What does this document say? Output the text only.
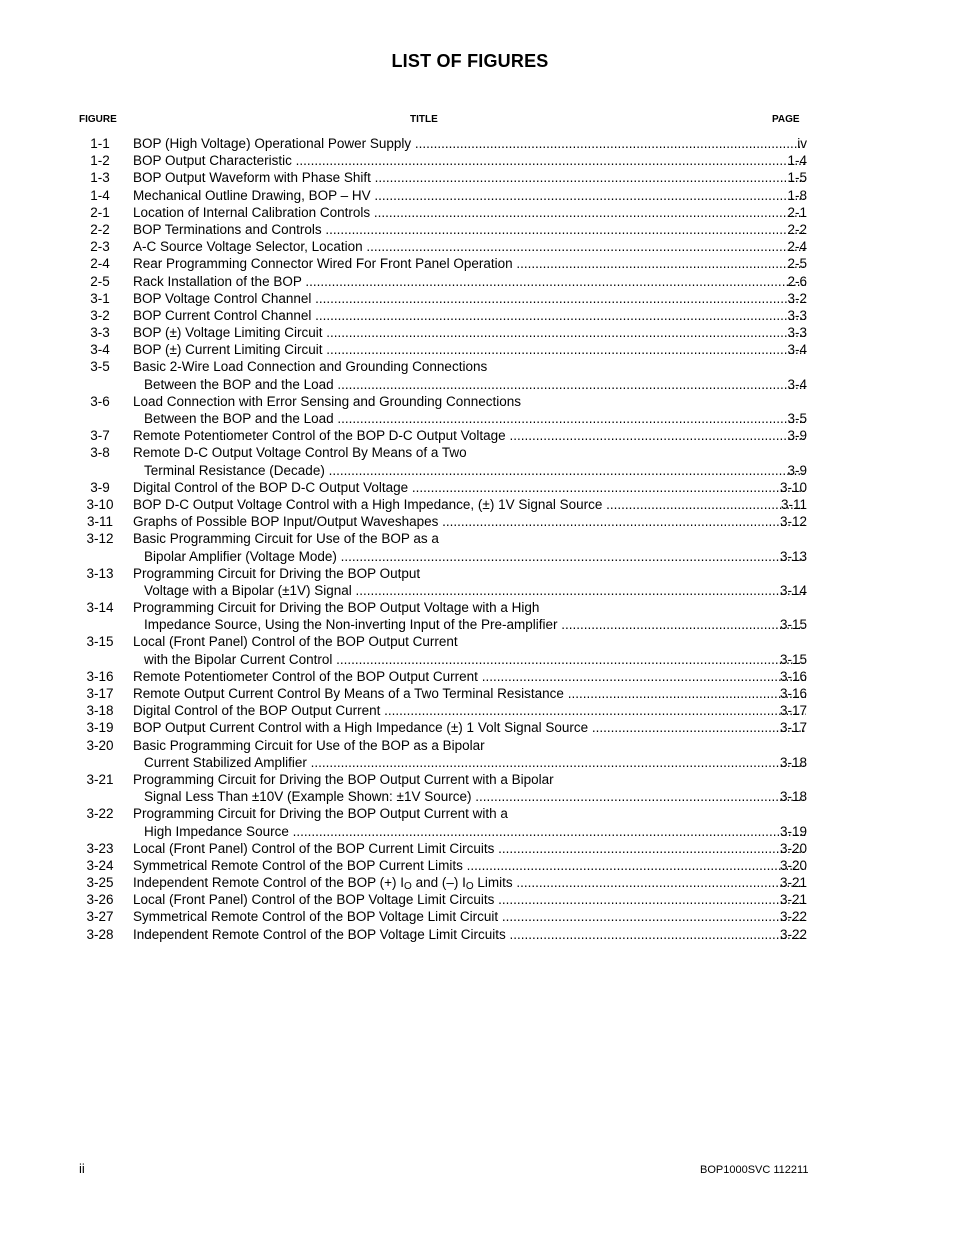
LIST OF FIGURES
FIGURE	TITLE	PAGE
1-1	BOP (High Voltage) Operational Power Supply .....	iv
1-2	BOP Output Characteristic .....	1-4
1-3	BOP Output Waveform with Phase Shift .....	1-5
1-4	Mechanical Outline Drawing, BOP – HV .....	1-8
2-1	Location of Internal Calibration Controls .....	2-1
2-2	BOP Terminations and Controls .....	2-2
2-3	A-C Source Voltage Selector, Location .....	2-4
2-4	Rear Programming Connector Wired For Front Panel Operation .....	2-5
2-5	Rack Installation of the BOP .....	2-6
3-1	BOP Voltage Control Channel .....	3-2
3-2	BOP Current Control Channel .....	3-3
3-3	BOP (±) Voltage Limiting Circuit .....	3-3
3-4	BOP (±) Current Limiting Circuit .....	3-4
3-5	Basic 2-Wire Load Connection and Grounding Connections
Between the BOP and the Load .....	3-4
3-6	Load Connection with Error Sensing and Grounding Connections
Between the BOP and the Load .....	3-5
3-7	Remote Potentiometer Control of the BOP D-C Output Voltage .....	3-9
3-8	Remote D-C Output Voltage Control By Means of a Two
Terminal Resistance (Decade) .....	3-9
3-9	Digital Control of the BOP D-C Output Voltage .....	3-10
3-10	BOP D-C Output Voltage Control with a High Impedance, (±) 1V Signal Source .....	3-11
3-11	Graphs of Possible BOP Input/Output Waveshapes .....	3-12
3-12	Basic Programming Circuit for Use of the BOP as a
Bipolar Amplifier (Voltage Mode) .....	3-13
3-13	Programming Circuit for Driving the BOP Output
Voltage with a Bipolar (±1V) Signal .....	3-14
3-14	Programming Circuit for Driving the BOP Output Voltage with a High
Impedance Source, Using the Non-inverting Input of the Pre-amplifier .....	3-15
3-15	Local (Front Panel) Control of the BOP Output Current
with the Bipolar Current Control .....	3-15
3-16	Remote Potentiometer Control of the BOP Output Current .....	3-16
3-17	Remote Output Current Control By Means of a Two Terminal Resistance .....	3-16
3-18	Digital Control of the BOP Output Current .....	3-17
3-19	BOP Output Current Control with a High Impedance (±) 1 Volt Signal Source .....	3-17
3-20	Basic Programming Circuit for Use of the BOP as a Bipolar
Current Stabilized Amplifier .....	3-18
3-21	Programming Circuit for Driving the BOP Output Current with a Bipolar
Signal Less Than ±10V (Example Shown: ±1V Source) .....	3-18
3-22	Programming Circuit for Driving the BOP Output Current with a
High Impedance Source .....	3-19
3-23	Local (Front Panel) Control of the BOP Current Limit Circuits .....	3-20
3-24	Symmetrical Remote Control of the BOP Current Limits .....	3-20
3-25	Independent Remote Control of the BOP (+) $I_O$ and (–) $I_O$ Limits .....	3-21
3-26	Local (Front Panel) Control of the BOP Voltage Limit Circuits .....	3-21
3-27	Symmetrical Remote Control of the BOP Voltage Limit Circuit .....	3-22
3-28	Independent Remote Control of the BOP Voltage Limit Circuits .....	3-22
ii	BOP1000SVC 112211
